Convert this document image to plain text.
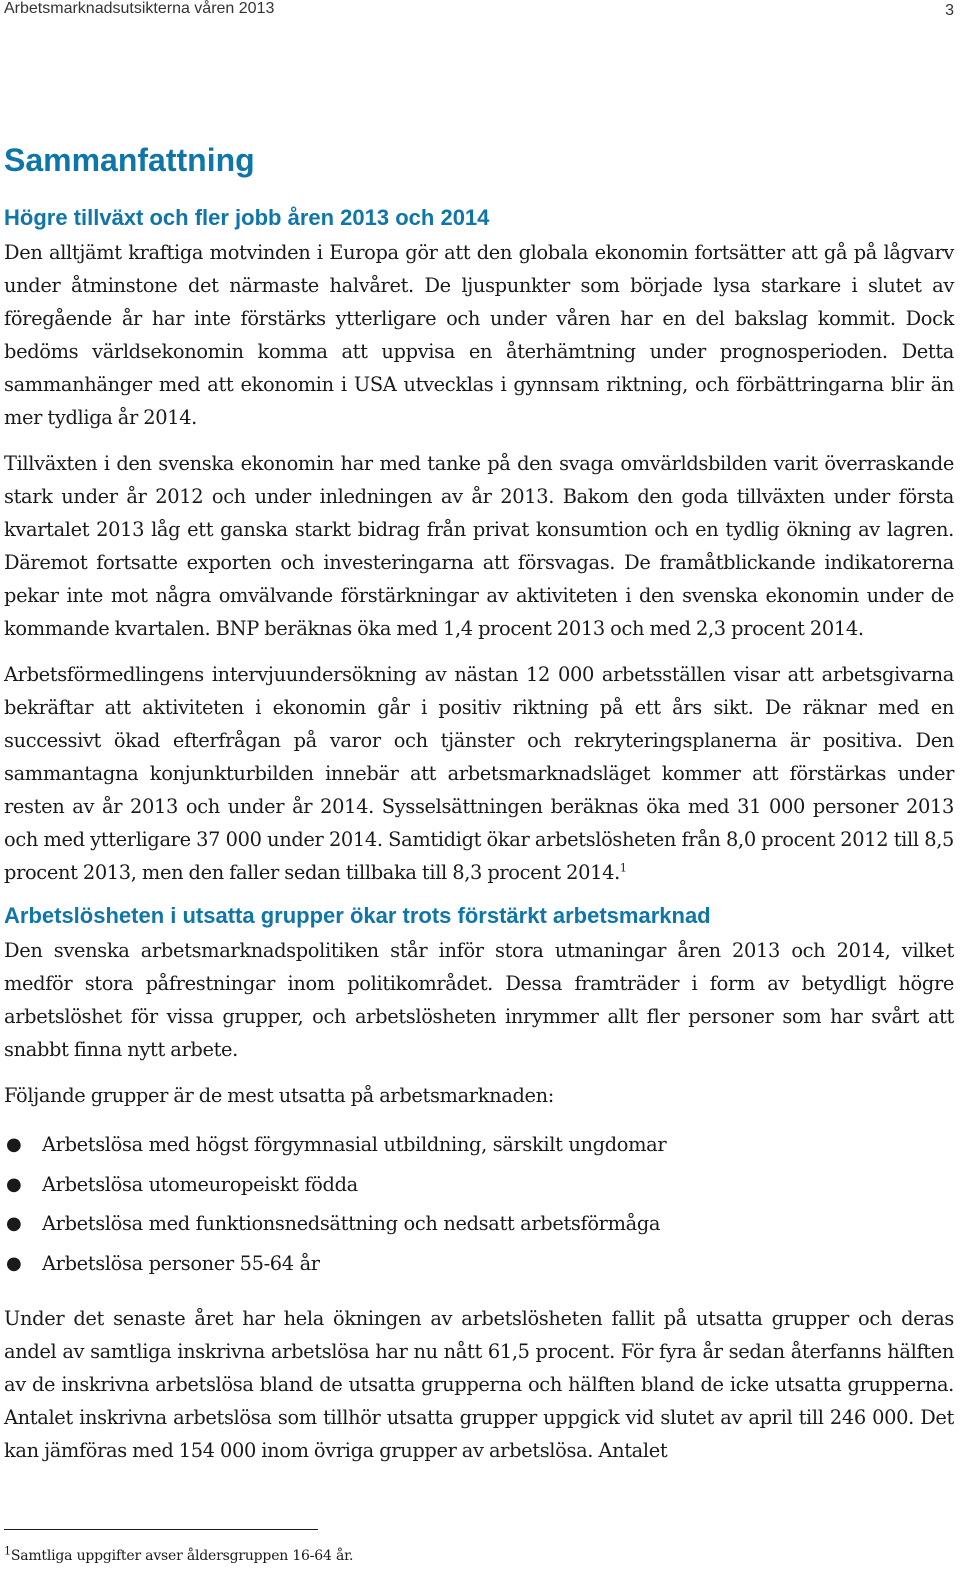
Arbetsmarknadsutsikterna våren 2013	3
Sammanfattning
Högre tillväxt och fler jobb åren 2013 och 2014

Den alltjämt kraftiga motvinden i Europa gör att den globala ekonomin fortsätter att gå på lågvarv under åtminstone det närmaste halvåret. De ljuspunkter som började lysa starkare i slutet av föregående år har inte förstärks ytterligare och under våren har en del bakslag kommit. Dock bedöms världsekonomin komma att uppvisa en återhämtning under prognosperioden. Detta sammanhänger med att ekonomin i USA utvecklas i gynnsam riktning, och förbättringarna blir än mer tydliga år 2014.

Tillväxten i den svenska ekonomin har med tanke på den svaga omvärldsbilden varit överraskande stark under år 2012 och under inledningen av år 2013. Bakom den goda tillväxten under första kvartalet 2013 låg ett ganska starkt bidrag från privat konsumtion och en tydlig ökning av lagren. Däremot fortsatte exporten och investeringarna att försvagas. De framåtblickande indikatorerna pekar inte mot några omvälvande förstärkningar av aktiviteten i den svenska ekonomin under de kommande kvartalen. BNP beräknas öka med 1,4 procent 2013 och med 2,3 procent 2014.

Arbetsförmedlingens intervjuundersökning av nästan 12 000 arbetsställen visar att arbetsgivarna bekräftar att aktiviteten i ekonomin går i positiv riktning på ett års sikt. De räknar med en successivt ökad efterfrågan på varor och tjänster och rekryteringsplanerna är positiva. Den sammantagna konjunkturbilden innebär att arbetsmarknadsläget kommer att förstärkas under resten av år 2013 och under år 2014. Sysselsättningen beräknas öka med 31 000 personer 2013 och med ytterligare 37 000 under 2014. Samtidigt ökar arbetslösheten från 8,0 procent 2012 till 8,5 procent 2013, men den faller sedan tillbaka till 8,3 procent 2014.$^1$

Arbetslösheten i utsatta grupper ökar trots förstärkt arbetsmarknad

Den svenska arbetsmarknadspolitiken står inför stora utmaningar åren 2013 och 2014, vilket medför stora påfrestningar inom politikområdet. Dessa framträder i form av betydligt högre arbetslöshet för vissa grupper, och arbetslösheten inrymmer allt fler personer som har svårt att snabbt finna nytt arbete.

Följande grupper är de mest utsatta på arbetsmarknaden:

● Arbetslösa med högst förgymnasial utbildning, särskilt ungdomar
● Arbetslösa utomeuropeiskt födda
● Arbetslösa med funktionsnedsättning och nedsatt arbetsförmåga
● Arbetslösa personer 55-64 år

Under det senaste året har hela ökningen av arbetslösheten fallit på utsatta grupper och deras andel av samtliga inskrivna arbetslösa har nu nått 61,5 procent. För fyra år sedan återfanns hälften av de inskrivna arbetslösa bland de utsatta grupperna och hälften bland de icke utsatta grupperna. Antalet inskrivna arbetslösa som tillhör utsatta grupper uppgick vid slutet av april till 246 000. Det kan jämföras med 154 000 inom övriga grupper av arbetslösa. Antalet

$^1$Samtliga uppgifter avser åldersgruppen 16-64 år.
